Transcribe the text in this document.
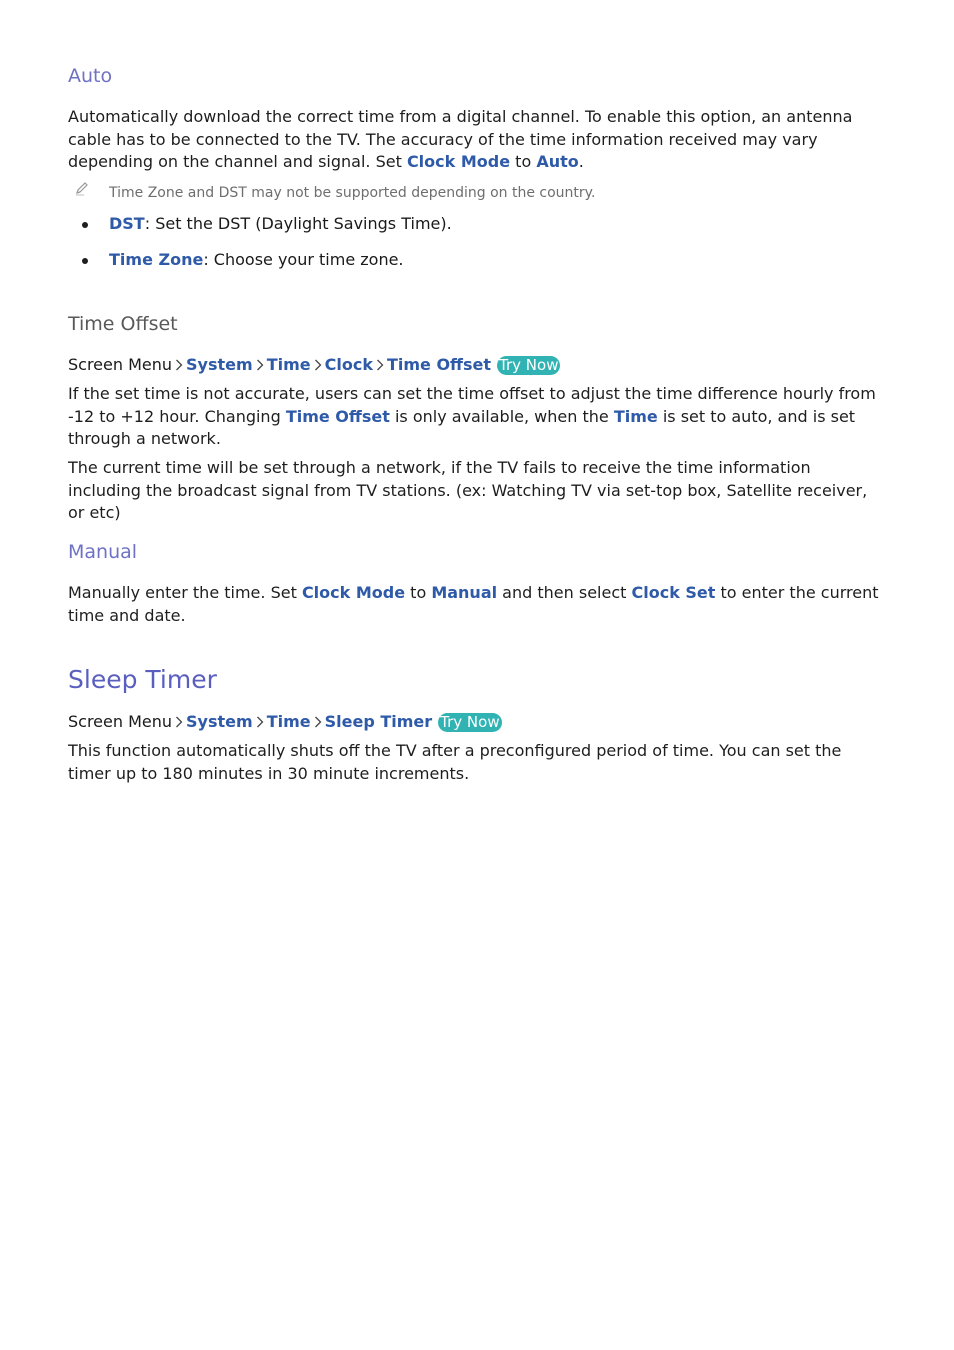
Auto

Automatically download the correct time from a digital channel. To enable this option, an antenna cable has to be connected to the TV. The accuracy of the time information received may vary depending on the channel and signal. Set Clock Mode to Auto.

Time Zone and DST may not be supported depending on the country.
DST: Set the DST (Daylight Savings Time).
Time Zone: Choose your time zone.
Time Offset
Screen Menu System Time Clock Time Offset Try Now

If the set time is not accurate, users can set the time offset to adjust the time difference hourly from -12 to +12 hour. Changing Time Offset is only available, when the Time is set to auto, and is set through a network.

The current time will be set through a network, if the TV fails to receive the time information including the broadcast signal from TV stations. (ex: Watching TV via set-top box, Satellite receiver, or etc)

Manual

Manually enter the time. Set Clock Mode to Manual and then select Clock Set to enter the current time and date.

Sleep Timer
Screen Menu System Time Sleep Timer Try Now

This function automatically shuts off the TV after a preconfigured period of time. You can set the timer up to 180 minutes in 30 minute increments.
